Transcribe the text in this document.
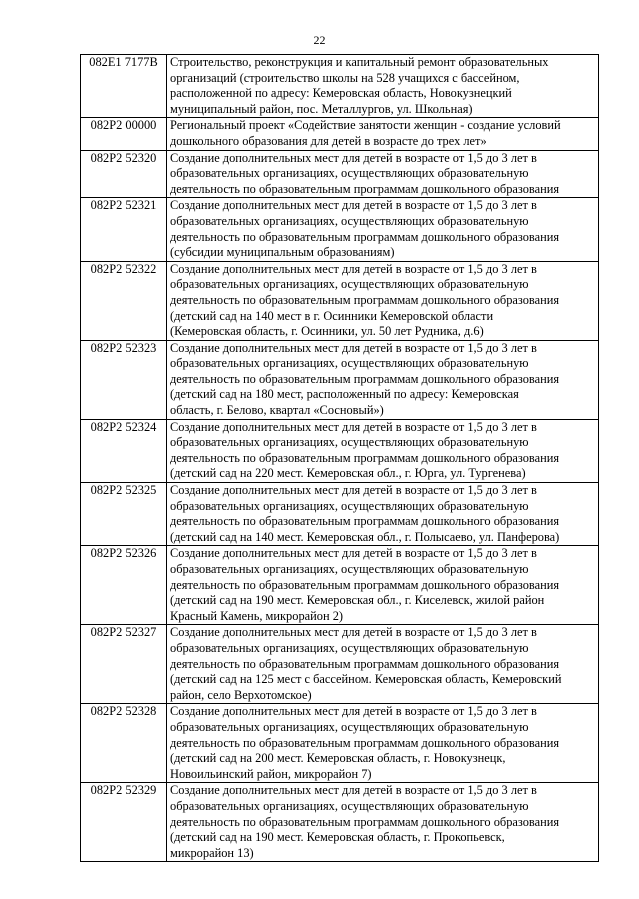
22
082E1 7177В	Строительство, реконструкция и капитальный ремонт образовательных
организаций (строительство школы на 528 учащихся с бассейном,
расположенной по адресу: Кемеровская область, Новокузнецкий
муниципальный район, пос. Металлургов, ул. Школьная)

082P2 00000	Региональный проект «Содействие занятости женщин - создание условий
дошкольного образования для детей в возрасте до трех лет»

082P2 52320	Создание дополнительных мест для детей в возрасте от 1,5 до 3 лет в
образовательных организациях, осуществляющих образовательную
деятельность по образовательным программам дошкольного образования

082P2 52321	Создание дополнительных мест для детей в возрасте от 1,5 до 3 лет в
образовательных организациях, осуществляющих образовательную
деятельность по образовательным программам дошкольного образования
(субсидии муниципальным образованиям)

082P2 52322	Создание дополнительных мест для детей в возрасте от 1,5 до 3 лет в
образовательных организациях, осуществляющих образовательную
деятельность по образовательным программам дошкольного образования
(детский сад на 140 мест в г. Осинники Кемеровской области
(Кемеровская область, г. Осинники, ул. 50 лет Рудника, д.6)

082P2 52323	Создание дополнительных мест для детей в возрасте от 1,5 до 3 лет в
образовательных организациях, осуществляющих образовательную
деятельность по образовательным программам дошкольного образования
(детский сад на 180 мест, расположенный по адресу: Кемеровская
область, г. Белово, квартал «Сосновый»)

082P2 52324	Создание дополнительных мест для детей в возрасте от 1,5 до 3 лет в
образовательных организациях, осуществляющих образовательную
деятельность по образовательным программам дошкольного образования
(детский сад на 220 мест. Кемеровская обл., г. Юрга, ул. Тургенева)

082P2 52325	Создание дополнительных мест для детей в возрасте от 1,5 до 3 лет в
образовательных организациях, осуществляющих образовательную
деятельность по образовательным программам дошкольного образования
(детский сад на 140 мест. Кемеровская обл., г. Полысаево, ул. Панферова)

082P2 52326	Создание дополнительных мест для детей в возрасте от 1,5 до 3 лет в
образовательных организациях, осуществляющих образовательную
деятельность по образовательным программам дошкольного образования
(детский сад на 190 мест. Кемеровская обл., г. Киселевск, жилой район
Красный Камень, микрорайон 2)

082P2 52327	Создание дополнительных мест для детей в возрасте от 1,5 до 3 лет в
образовательных организациях, осуществляющих образовательную
деятельность по образовательным программам дошкольного образования
(детский сад на 125 мест с бассейном. Кемеровская область, Кемеровский
район, село Верхотомское)

082P2 52328	Создание дополнительных мест для детей в возрасте от 1,5 до 3 лет в
образовательных организациях, осуществляющих образовательную
деятельность по образовательным программам дошкольного образования
(детский сад на 200 мест. Кемеровская область, г. Новокузнецк,
Новоильинский район, микрорайон 7)

082P2 52329	Создание дополнительных мест для детей в возрасте от 1,5 до 3 лет в
образовательных организациях, осуществляющих образовательную
деятельность по образовательным программам дошкольного образования
(детский сад на 190 мест. Кемеровская область, г. Прокопьевск,
микрорайон 13)
